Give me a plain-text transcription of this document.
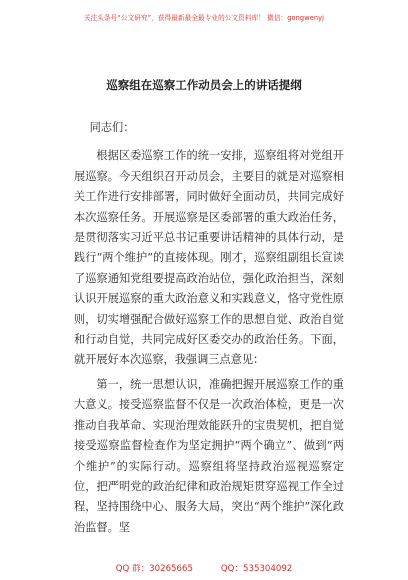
关注头条号“公文研究”，获得最新最全最专业的公文资料库！ 微信：gongwenyj
巡察组在巡察工作动员会上的讲话提纲

同志们：

根据区委巡察工作的统一安排，巡察组将对党组开展巡察。今天组织召开动员会，主要目的就是对巡察相关工作进行安排部署，同时做好全面动员，共同完成好本次巡察任务。开展巡察是区委部署的重大政治任务，是贯彻落实习近平总书记重要讲话精神的具体行动，是践行“两个维护”的直接体现。刚才，巡察组副组长宣读了巡察通知党组要提高政治站位，强化政治担当，深刻认识开展巡察的重大政治意义和实践意义，恪守党性原则，切实增强配合做好巡察工作的思想自觉、政治自觉和行动自觉，共同完成好区委交办的政治任务。下面，就开展好本次巡察，我强调三点意见：

第一，统一思想认识，准确把握开展巡察工作的重大意义。接受巡察监督不仅是一次政治体检，更是一次推动自我革命、实现治理效能跃升的宝贵契机，把自觉接受巡察监督检查作为坚定拥护“两个确立”、做到“两个维护”的实际行动。巡察组将坚持政治巡视巡察定位，把严明党的政治纪律和政治规矩贯穿巡视工作全过程，坚持围绕中心、服务大局，突出“两个维护”深化政治监督。坚

QQ 群：30265665	QQ：535304092
